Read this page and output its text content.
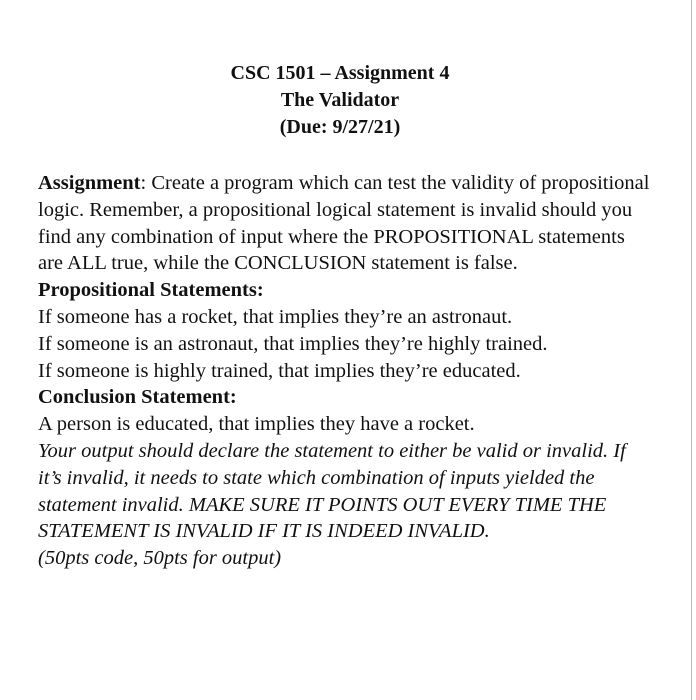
CSC 1501 – Assignment 4
The Validator
(Due: 9/27/21)

Assignment: Create a program which can test the validity of propositional logic. Remember, a propositional logical statement is invalid should you find any combination of input where the PROPOSITIONAL statements are ALL true, while the CONCLUSION statement is false.

Propositional Statements:

If someone has a rocket, that implies they’re an astronaut.

If someone is an astronaut, that implies they’re highly trained.

If someone is highly trained, that implies they’re educated.

Conclusion Statement:

A person is educated, that implies they have a rocket.

Your output should declare the statement to either be valid or invalid. If it’s invalid, it needs to state which combination of inputs yielded the statement invalid. MAKE SURE IT POINTS OUT EVERY TIME THE STATEMENT IS INVALID IF IT IS INDEED INVALID.

(50pts code, 50pts for output)
